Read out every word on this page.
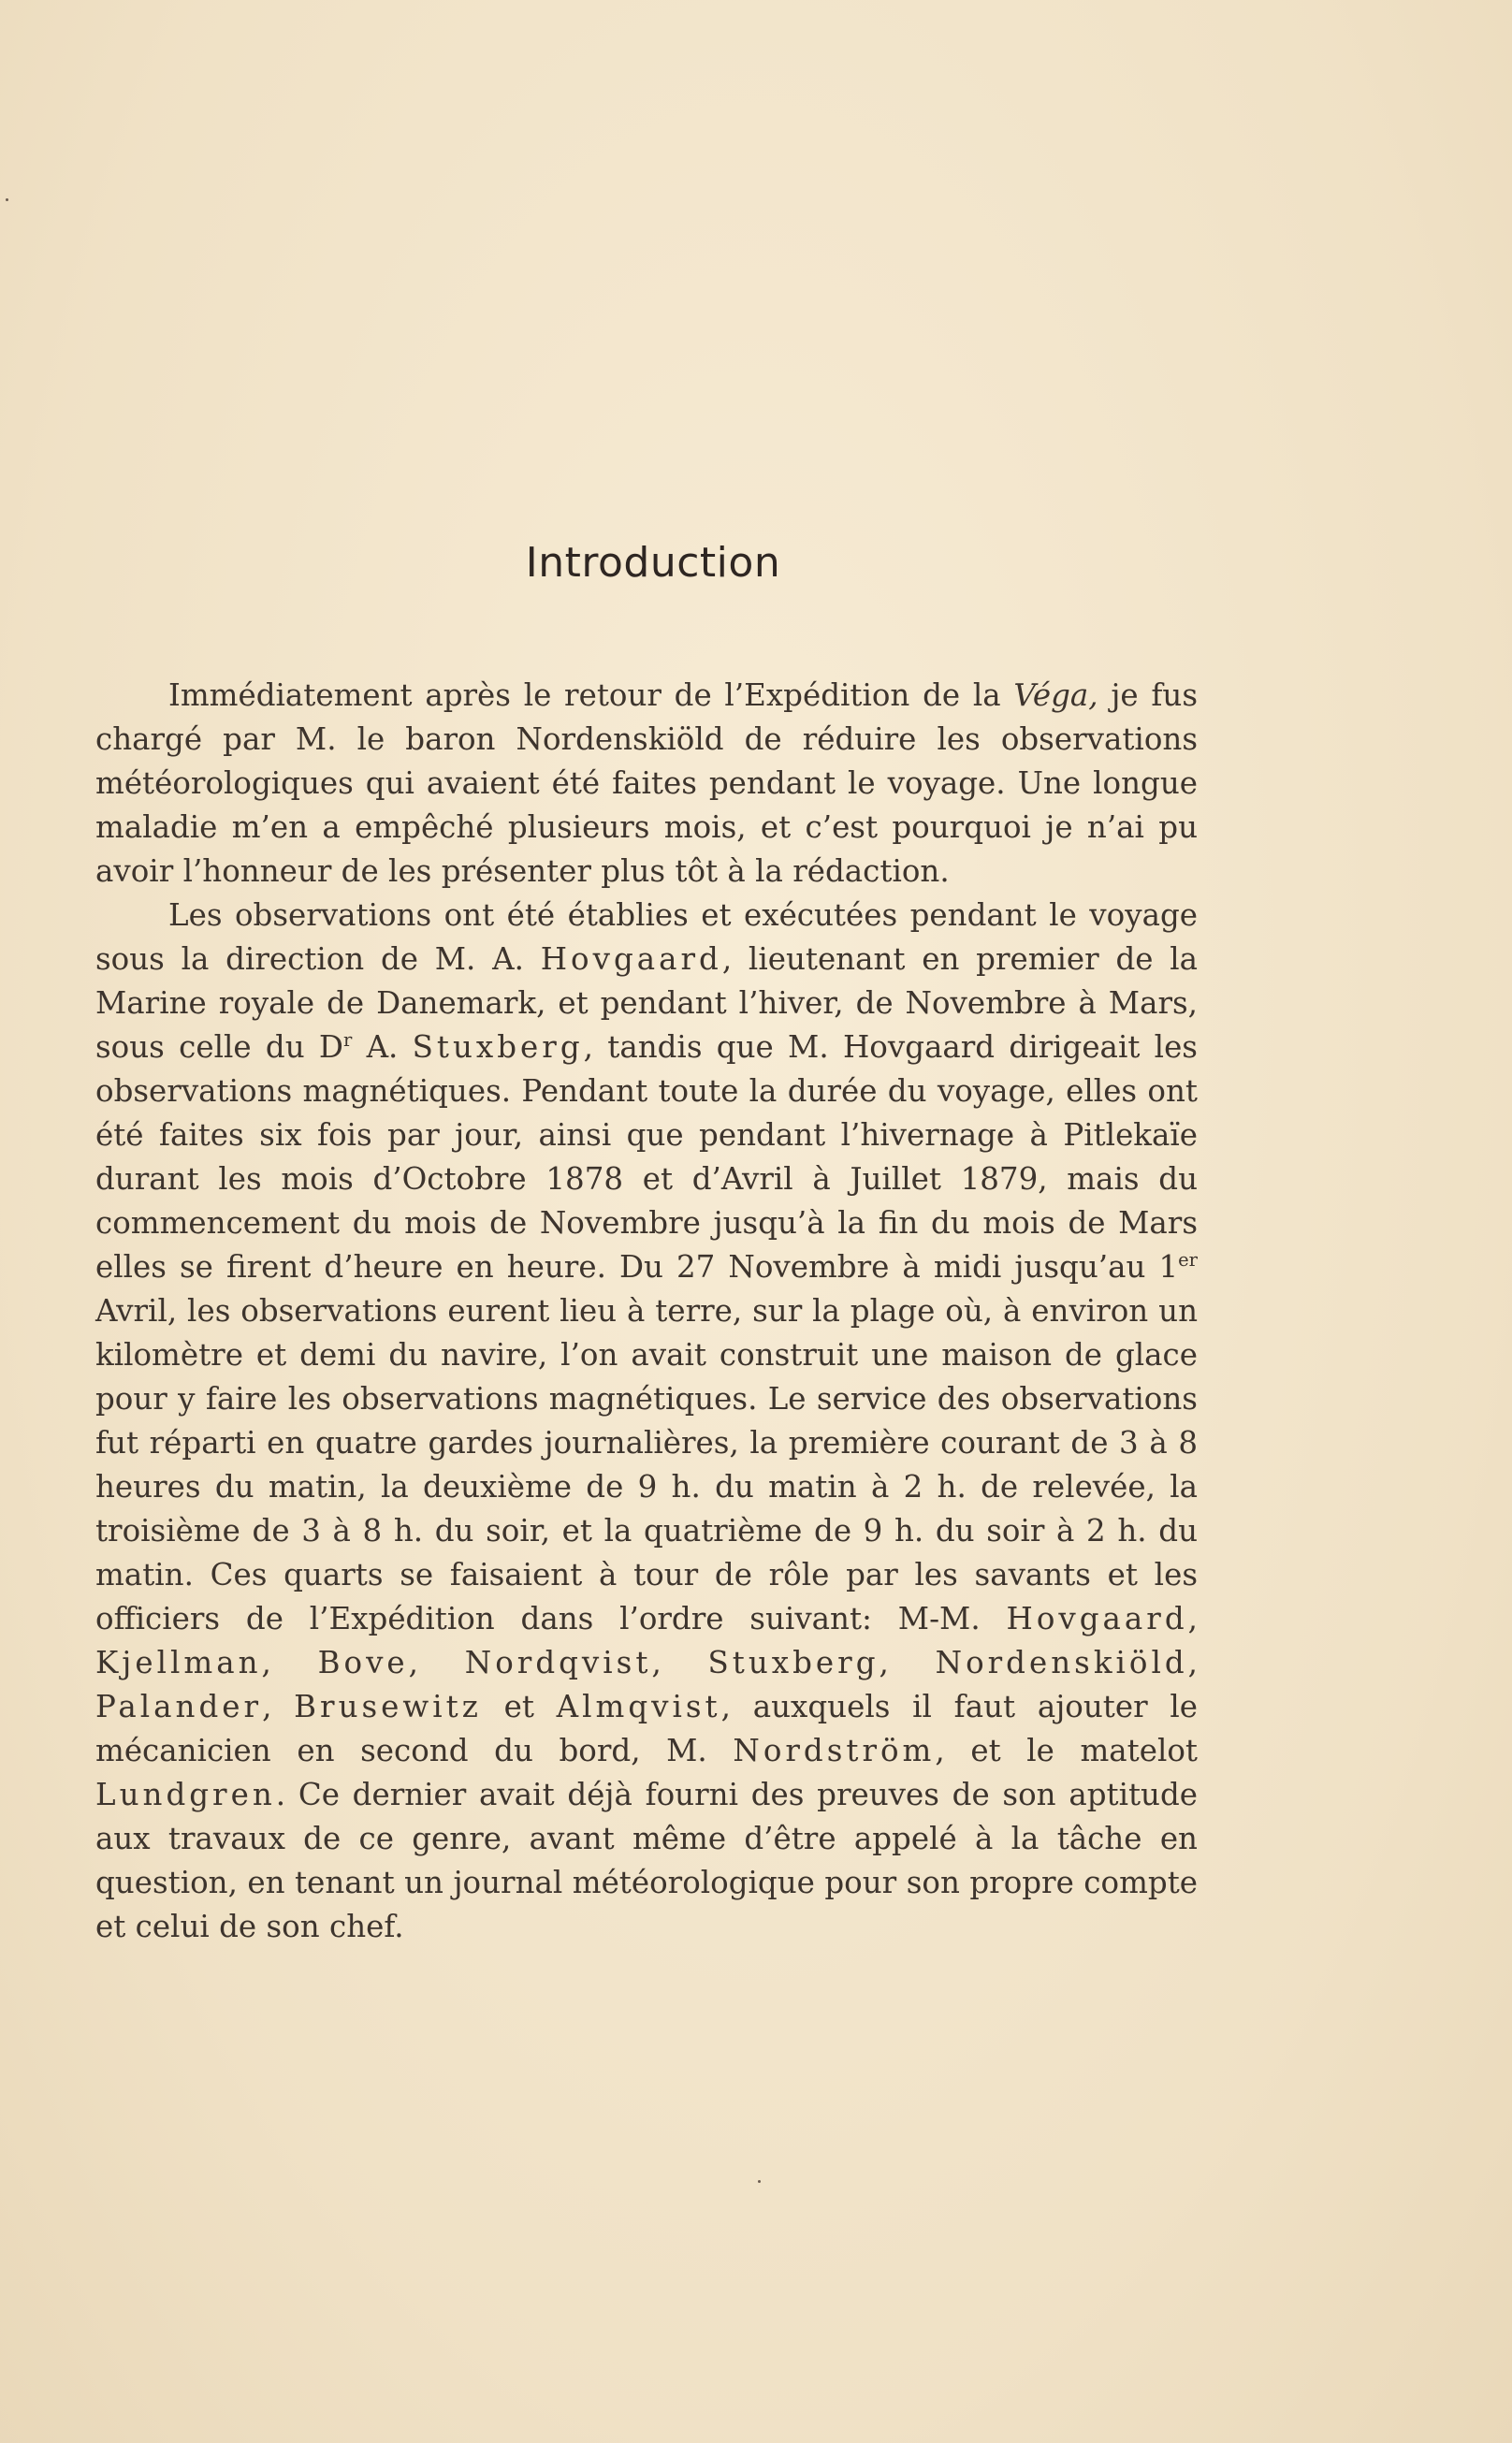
Introduction

Immédiatement après le retour de l’Expédition de la Véga, je fus chargé par M. le baron Nordenskiöld de réduire les observations météorologiques qui avaient été faites pendant le voyage. Une longue maladie m’en a empêché plusieurs mois, et c’est pourquoi je n’ai pu avoir l’honneur de les présenter plus tôt à la rédaction.

Les observations ont été établies et exécutées pendant le voyage sous la direction de M. A. Hovgaard, lieutenant en premier de la Marine royale de Danemark, et pendant l’hiver, de Novembre à Mars, sous celle du $D^r$ A. Stuxberg, tandis que M. Hovgaard dirigeait les observations magnétiques. Pendant toute la durée du voyage, elles ont été faites six fois par jour, ainsi que pendant l’hivernage à Pitlekaïe durant les mois d’Octobre 1878 et d’Avril à Juillet 1879, mais du commencement du mois de Novembre jusqu’à la fin du mois de Mars elles se firent d’heure en heure. Du 27 Novembre à midi jusqu’au 1er Avril, les observations eurent lieu à terre, sur la plage où, à environ un kilomètre et demi du navire, l’on avait construit une maison de glace pour y faire les observations magnétiques. Le service des observations fut réparti en quatre gardes journalières, la première courant de 3 à 8 heures du matin, la deuxième de 9 h. du matin à 2 h. de relevée, la troisième de 3 à 8 h. du soir, et la quatrième de 9 h. du soir à 2 h. du matin. Ces quarts se faisaient à tour de rôle par les savants et les officiers de l’Expédition dans l’ordre suivant: M-M. Hovgaard, Kjellman, Bove, Nordqvist, Stuxberg, Nordenskiöld, Palander, Brusewitz et Almqvist, auxquels il faut ajouter le mécanicien en second du bord, M. Nordström, et le matelot Lundgren. Ce dernier avait déjà fourni des preuves de son aptitude aux travaux de ce genre, avant même d’être appelé à la tâche en question, en tenant un journal météorologique pour son propre compte et celui de son chef.
